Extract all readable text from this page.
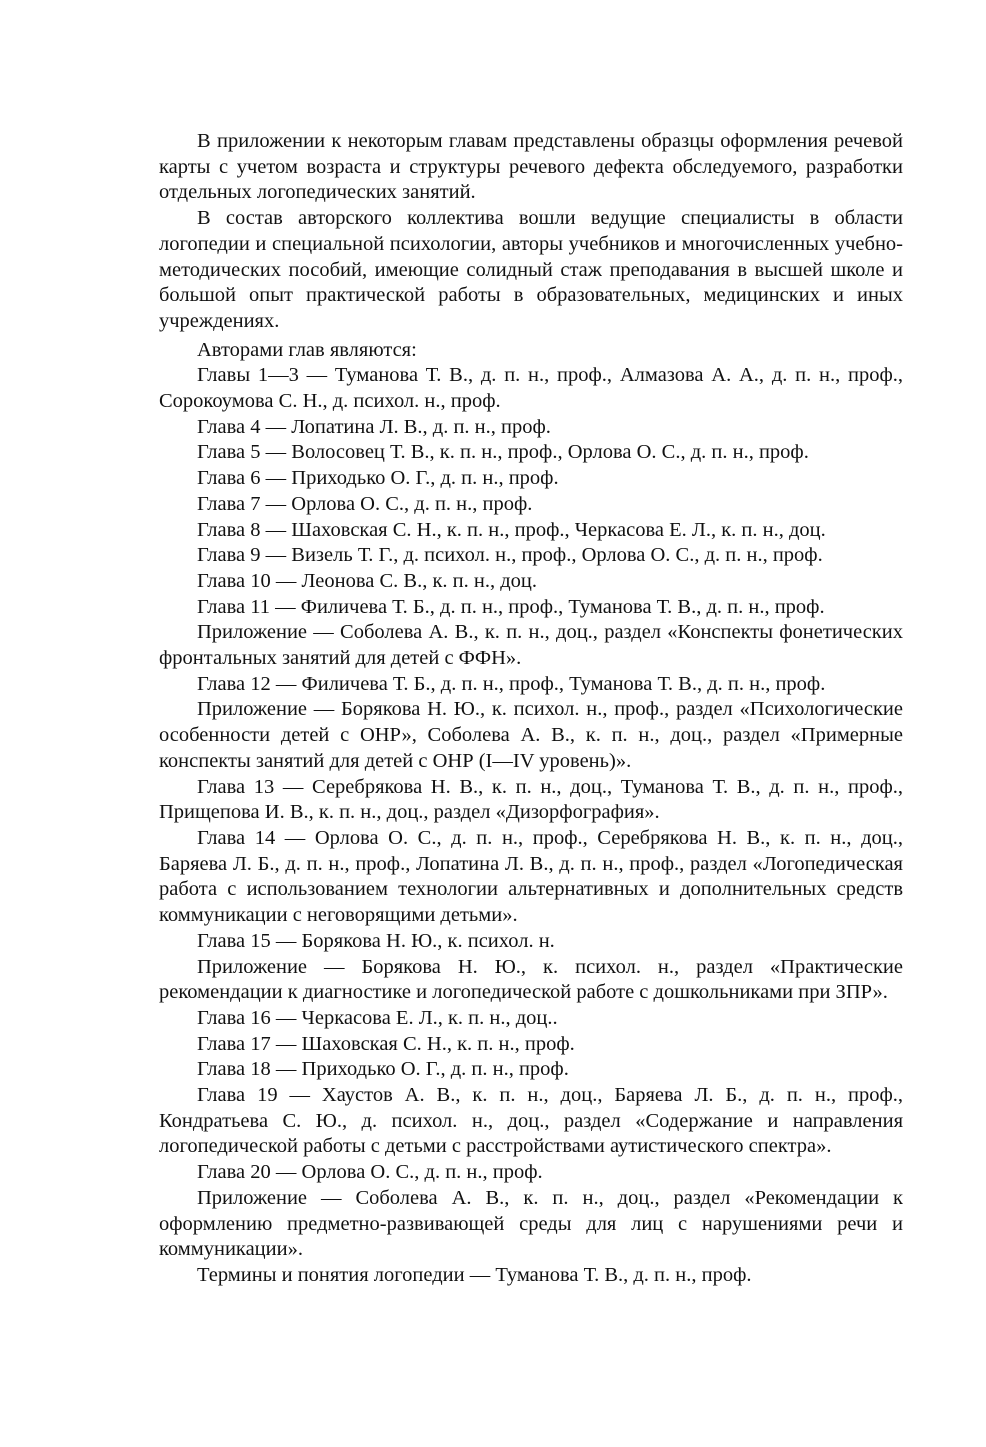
В приложении к некоторым главам представлены образцы оформления речевой карты с учетом возраста и структуры речевого дефекта обследуемого, разработки отдельных логопедических занятий.

В состав авторского коллектива вошли ведущие специалисты в области логопедии и специальной психологии, авторы учебников и многочисленных учебно-методических пособий, имеющие солидный стаж преподавания в высшей школе и большой опыт практической работы в образовательных, медицинских и иных учреждениях.

Авторами глав являются:

Главы 1—3 — Туманова Т. В., д. п. н., проф., Алмазова А. А., д. п. н., проф., Сорокоумова С. Н., д. психол. н., проф.

Глава 4 — Лопатина Л. В., д. п. н., проф.

Глава 5 — Волосовец Т. В., к. п. н., проф., Орлова О. С., д. п. н., проф.

Глава 6 — Приходько О. Г., д. п. н., проф.

Глава 7 — Орлова О. С., д. п. н., проф.

Глава 8 — Шаховская С. Н., к. п. н., проф., Черкасова Е. Л., к. п. н., доц.

Глава 9 — Визель Т. Г., д. психол. н., проф., Орлова О. С., д. п. н., проф.

Глава 10 — Леонова С. В., к. п. н., доц.

Глава 11 — Филичева Т. Б., д. п. н., проф., Туманова Т. В., д. п. н., проф.

Приложение — Соболева А. В., к. п. н., доц., раздел «Конспекты фонетических фронтальных занятий для детей с ФФН».

Глава 12 — Филичева Т. Б., д. п. н., проф., Туманова Т. В., д. п. н., проф.

Приложение — Борякова Н. Ю., к. психол. н., проф., раздел «Психологические особенности детей с ОНР», Соболева А. В., к. п. н., доц., раздел «Примерные конспекты занятий для детей с ОНР (I—IV уровень)».

Глава 13 — Серебрякова Н. В., к. п. н., доц., Туманова Т. В., д. п. н., проф., Прищепова И. В., к. п. н., доц., раздел «Дизорфография».

Глава 14 — Орлова О. С., д. п. н., проф., Серебрякова Н. В., к. п. н., доц., Баряева Л. Б., д. п. н., проф., Лопатина Л. В., д. п. н., проф., раздел «Логопедическая работа с использованием технологии альтернативных и дополнительных средств коммуникации с неговорящими детьми».

Глава 15 — Борякова Н. Ю., к. психол. н.

Приложение — Борякова Н. Ю., к. психол. н., раздел «Практические рекомендации к диагностике и логопедической работе с дошкольниками при ЗПР».

Глава 16 — Черкасова Е. Л., к. п. н., доц..

Глава 17 — Шаховская С. Н., к. п. н., проф.

Глава 18 — Приходько О. Г., д. п. н., проф.

Глава 19 — Хаустов А. В., к. п. н., доц., Баряева Л. Б., д. п. н., проф., Кондратьева С. Ю., д. психол. н., доц., раздел «Содержание и направления логопедической работы с детьми с расстройствами аутистического спектра».

Глава 20 — Орлова О. С., д. п. н., проф.

Приложение — Соболева А. В., к. п. н., доц., раздел «Рекомендации к оформлению предметно-развивающей среды для лиц с нарушениями речи и коммуникации».

Термины и понятия логопедии — Туманова Т. В., д. п. н., проф.
